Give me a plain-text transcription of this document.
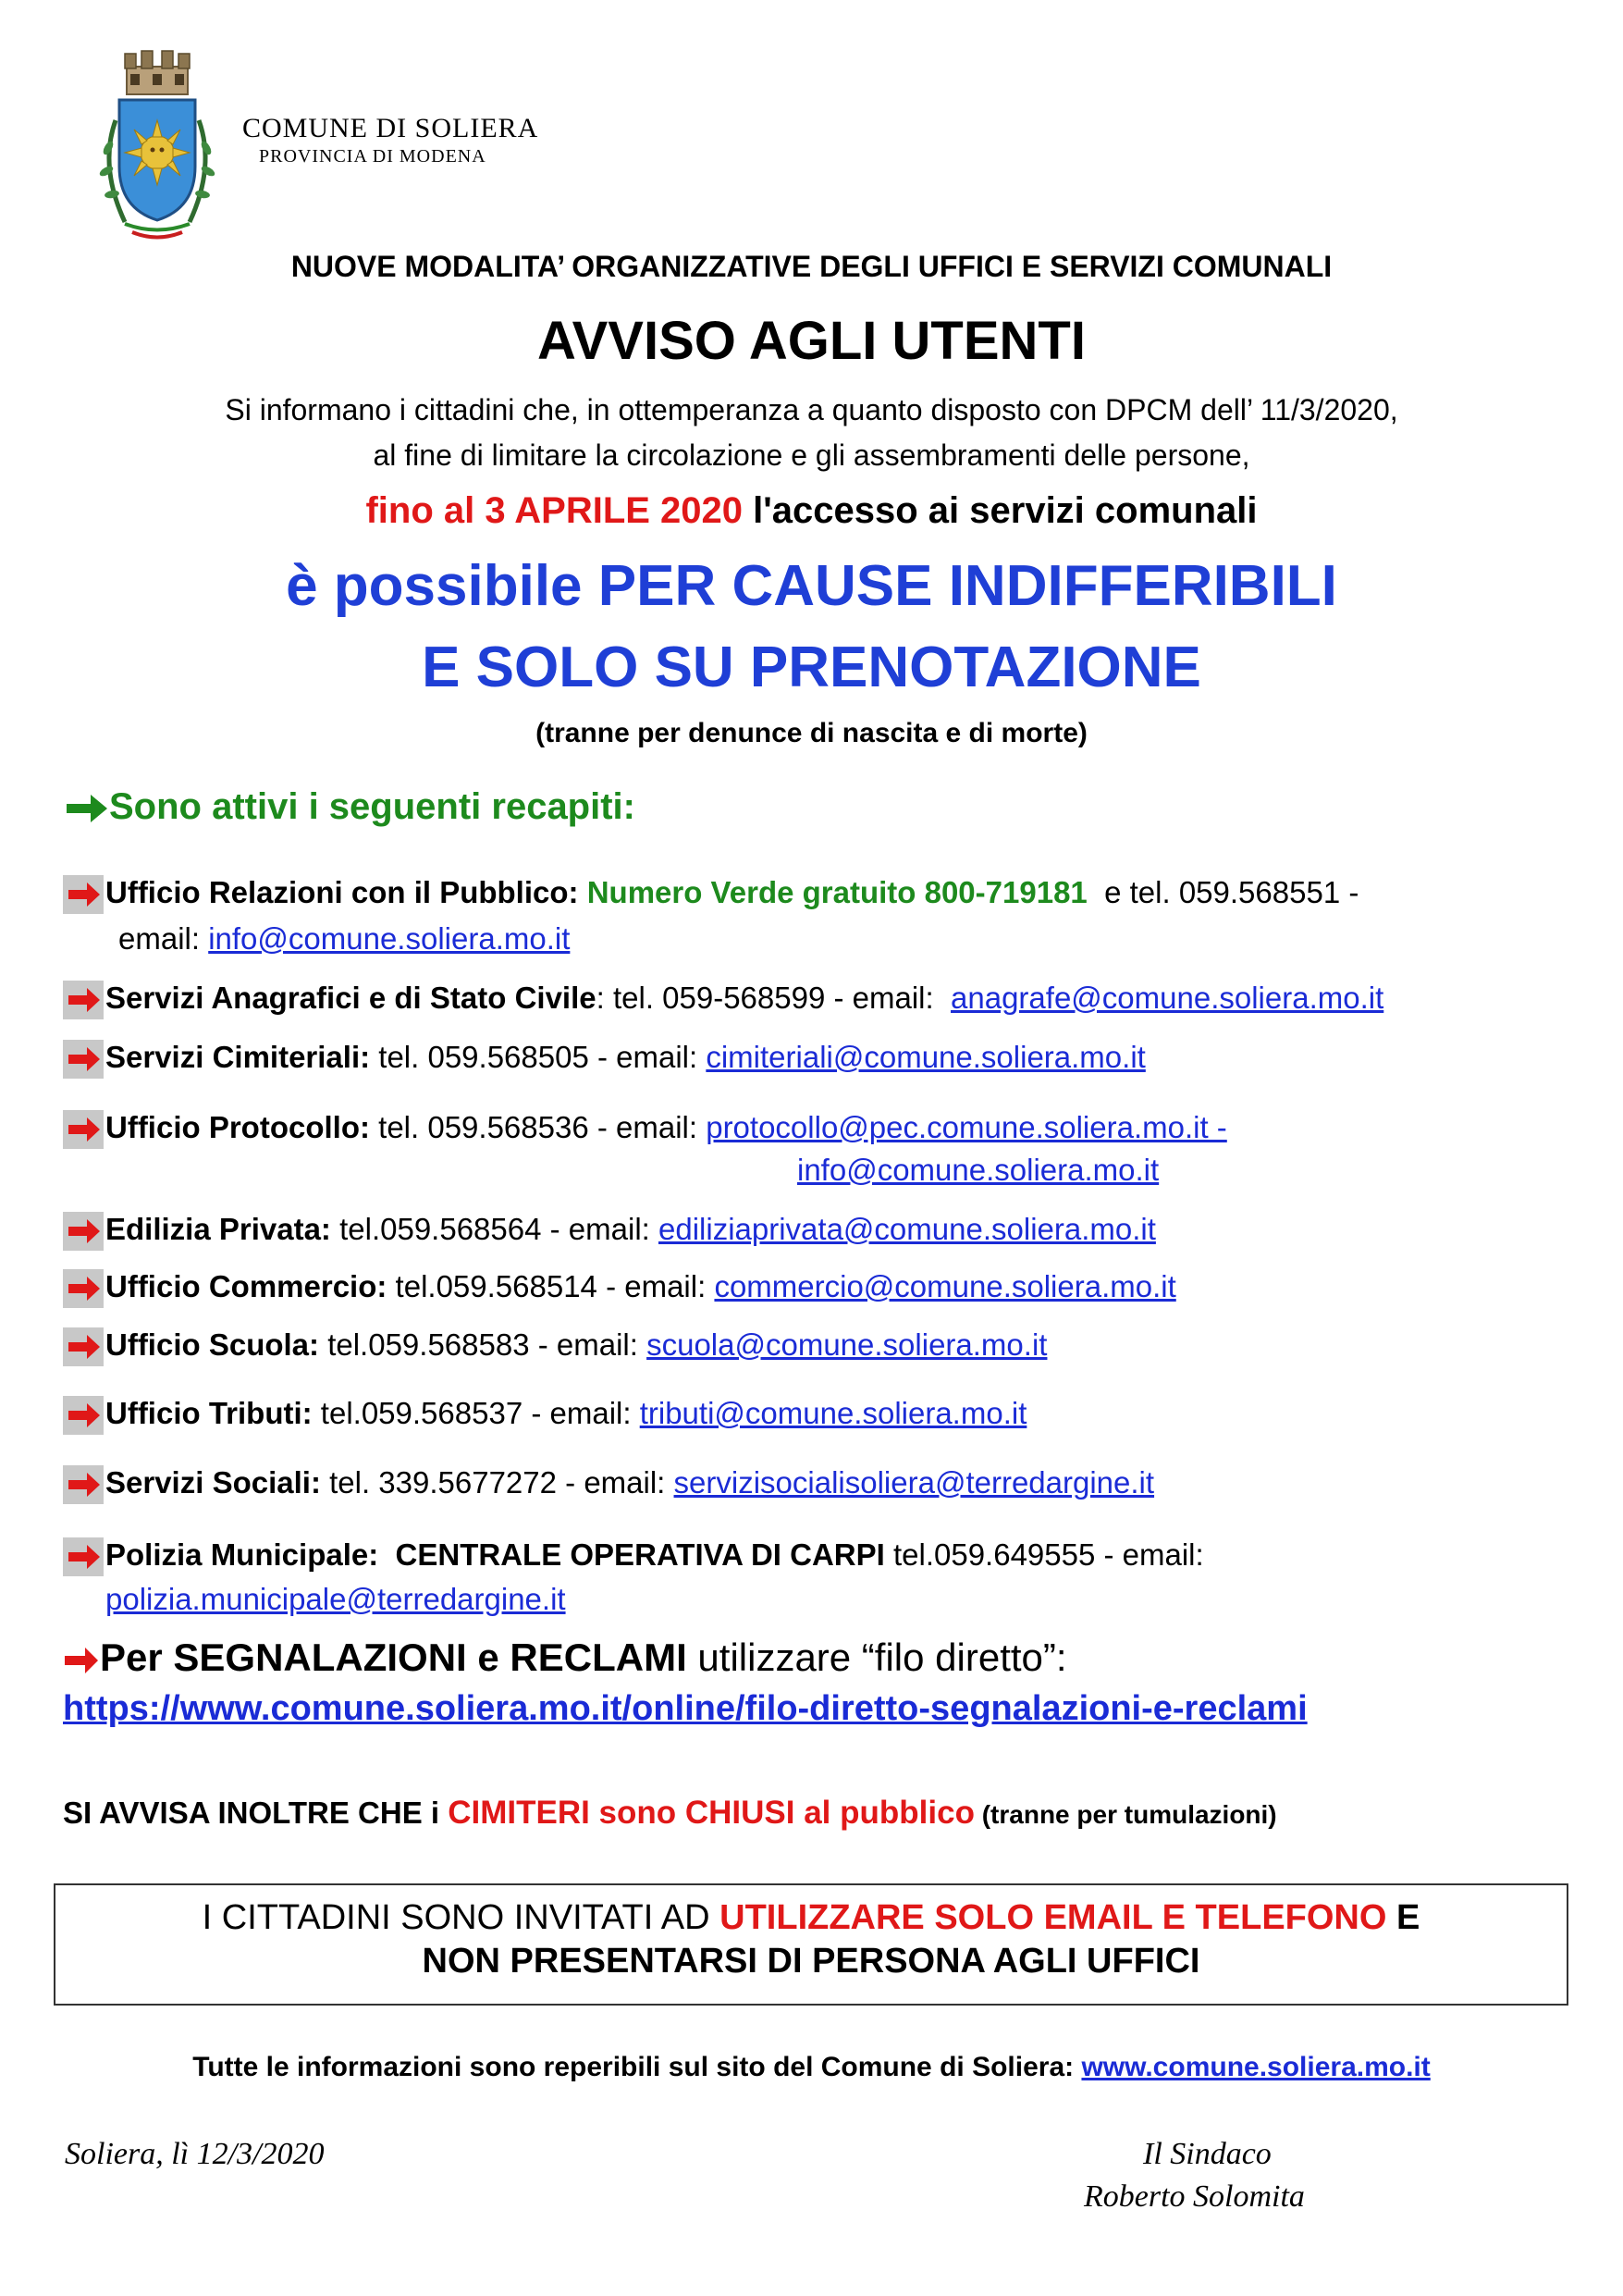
COMUNE DI SOLIERA
PROVINCIA DI MODENA
NUOVE MODALITA’ ORGANIZZATIVE DEGLI UFFICI E SERVIZI COMUNALI
AVVISO AGLI UTENTI
Si informano i cittadini che, in ottemperanza a quanto disposto con DPCM dell’ 11/3/2020,
al fine di limitare la circolazione e gli assembramenti delle persone,
fino al 3 APRILE 2020 l'accesso ai servizi comunali
è possibile PER CAUSE INDIFFERIBILI
E SOLO SU PRENOTAZIONE
(tranne per denunce di nascita e di morte)
Sono attivi i seguenti recapiti:
Ufficio Relazioni con il Pubblico: Numero Verde gratuito 800-719181  e tel. 059.568551 -
email: info@comune.soliera.mo.it
Servizi Anagrafici e di Stato Civile: tel. 059-568599 - email:  anagrafe@comune.soliera.mo.it
Servizi Cimiteriali: tel. 059.568505 - email: cimiteriali@comune.soliera.mo.it
Ufficio Protocollo: tel. 059.568536 - email: protocollo@pec.comune.soliera.mo.it -
info@comune.soliera.mo.it
Edilizia Privata: tel.059.568564 - email: ediliziaprivata@comune.soliera.mo.it
Ufficio Commercio: tel.059.568514 - email: commercio@comune.soliera.mo.it
Ufficio Scuola: tel.059.568583 - email: scuola@comune.soliera.mo.it
Ufficio Tributi: tel.059.568537 - email: tributi@comune.soliera.mo.it
Servizi Sociali: tel. 339.5677272 - email: servizisocialisoliera@terredargine.it
Polizia Municipale:  CENTRALE OPERATIVA DI CARPI tel.059.649555 - email:
polizia.municipale@terredargine.it
Per SEGNALAZIONI e RECLAMI utilizzare “filo diretto”:
https://www.comune.soliera.mo.it/online/filo-diretto-segnalazioni-e-reclami
SI AVVISA INOLTRE CHE i CIMITERI sono CHIUSI al pubblico (tranne per tumulazioni)
I CITTADINI SONO INVITATI AD UTILIZZARE SOLO EMAIL E TELEFONO E
NON PRESENTARSI DI PERSONA AGLI UFFICI
Tutte le informazioni sono reperibili sul sito del Comune di Soliera: www.comune.soliera.mo.it
Soliera, lì 12/3/2020	Il Sindaco
Roberto Solomita
